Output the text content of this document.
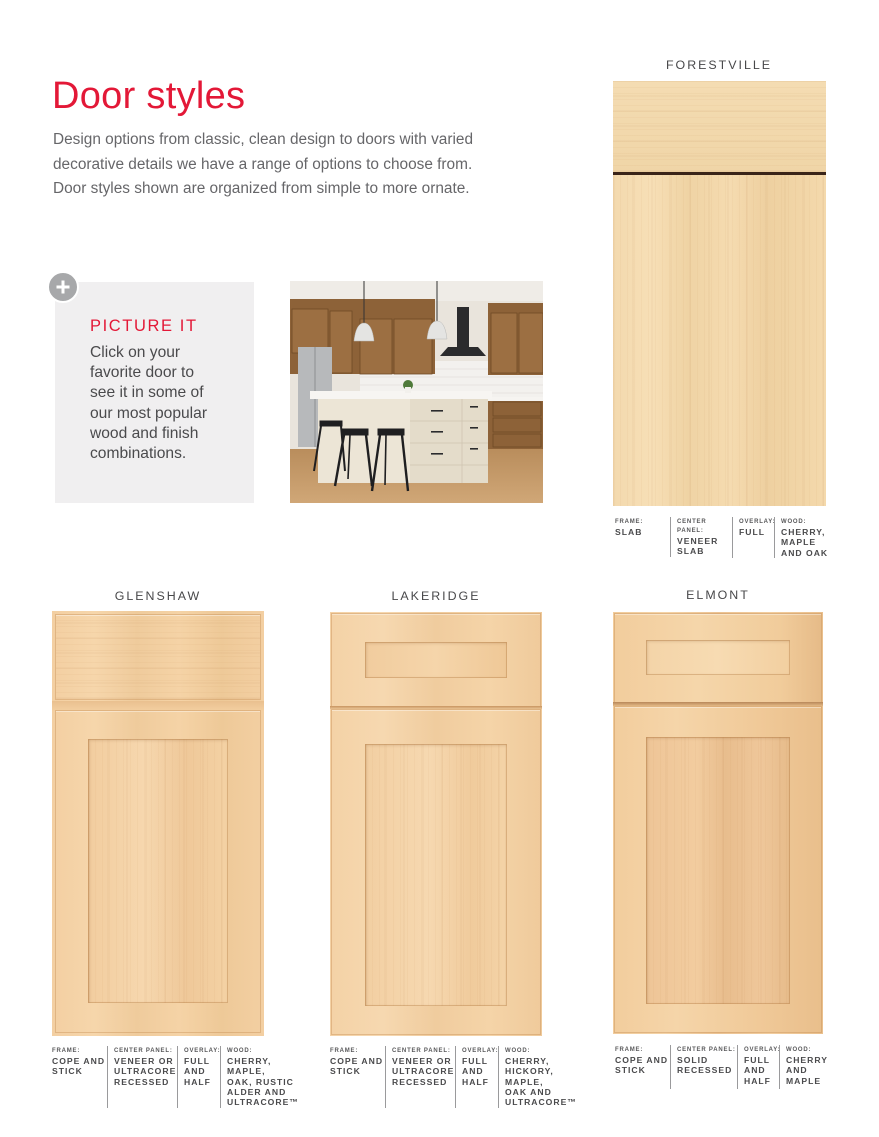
Door styles

Design options from classic, clean design to doors with varied
decorative details we have a range of options to choose from.
Door styles shown are organized from simple to more ornate.

PICTURE IT
Click on your
favorite door to
see it in some of
our most popular
wood and finish
combinations.
FORESTVILLE
FRAME:
SLAB
CENTER PANEL:
VENEER
SLAB
OVERLAY:
FULL
WOOD:
CHERRY,
MAPLE
AND OAK
GLENSHAW
FRAME:
COPE AND
STICK
CENTER PANEL:
VENEER OR
ULTRACORE
RECESSED
OVERLAY:
FULL
AND
HALF
WOOD:
CHERRY,
MAPLE,
OAK, RUSTIC
ALDER AND
ULTRACORE™
LAKERIDGE
FRAME:
COPE AND
STICK
CENTER PANEL:
VENEER OR
ULTRACORE
RECESSED
OVERLAY:
FULL
AND
HALF
WOOD:
CHERRY,
HICKORY,
MAPLE,
OAK AND
ULTRACORE™
ELMONT
FRAME:
COPE AND
STICK
CENTER PANEL:
SOLID
RECESSED
OVERLAY:
FULL
AND
HALF
WOOD:
CHERRY
AND
MAPLE
